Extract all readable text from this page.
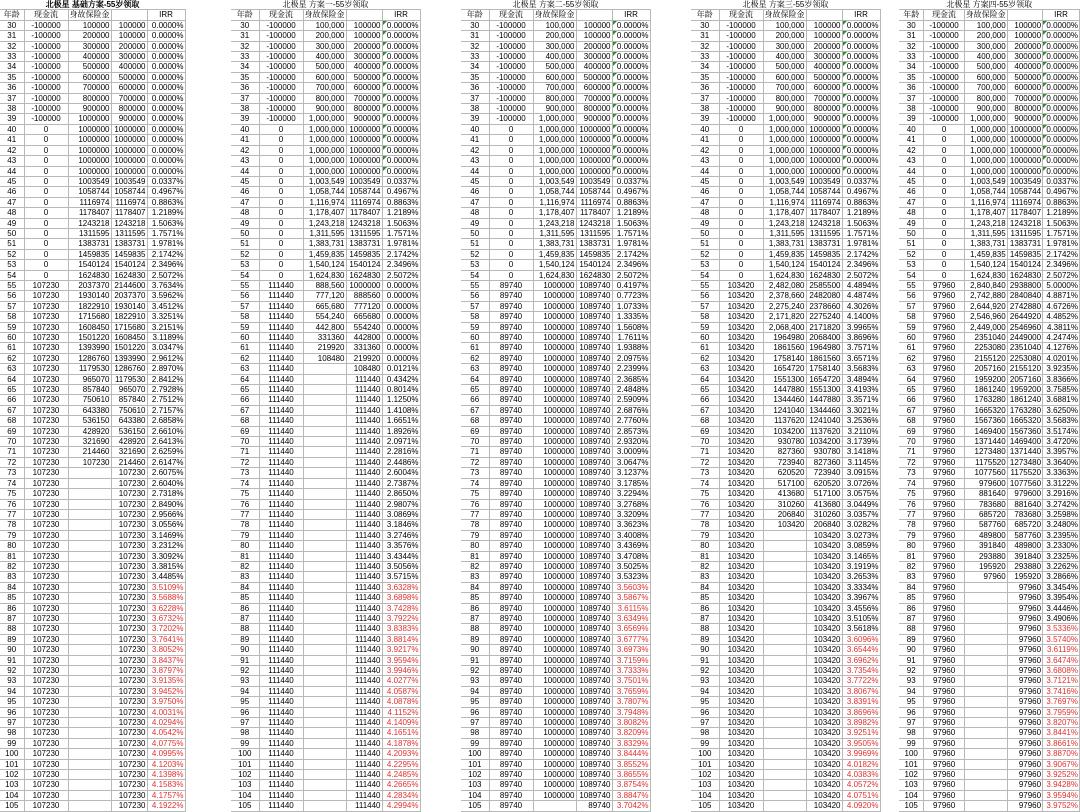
北极星 基础方案-55岁领取				
年龄	现金流	身故保险金		IRR
30	-100000	100000	100000	0.0000%
31	-100000	200000	100000	0.0000%
32	-100000	300000	200000	0.0000%
33	-100000	400000	300000	0.0000%
34	-100000	500000	400000	0.0000%
35	-100000	600000	500000	0.0000%
36	-100000	700000	600000	0.0000%
37	-100000	800000	700000	0.0000%
38	-100000	900000	800000	0.0000%
39	-100000	1000000	900000	0.0000%
40	0	1000000	1000000	0.0000%
41	0	1000000	1000000	0.0000%
42	0	1000000	1000000	0.0000%
43	0	1000000	1000000	0.0000%
44	0	1000000	1000000	0.0000%
45	0	1003549	1003549	0.0337%
46	0	1058744	1058744	0.4967%
47	0	1116974	1116974	0.8863%
48	0	1178407	1178407	1.2189%
49	0	1243218	1243218	1.5063%
50	0	1311595	1311595	1.7571%
51	0	1383731	1383731	1.9781%
52	0	1459835	1459835	2.1742%
53	0	1540124	1540124	2.3496%
54	0	1624830	1624830	2.5072%
55	107230	2037370	2144600	3.7634%
56	107230	1930140	2037370	3.5962%
57	107230	1822910	1930140	3.4512%
58	107230	1715680	1822910	3.3251%
59	107230	1608450	1715680	3.2151%
60	107230	1501220	1608450	3.1189%
61	107230	1393990	1501220	3.0347%
62	107230	1286760	1393990	2.9612%
63	107230	1179530	1286760	2.8970%
64	107230	965070	1179530	2.8412%
65	107230	857840	965070	2.7928%
66	107230	750610	857840	2.7512%
67	107230	643380	750610	2.7157%
68	107230	536150	643380	2.6858%
69	107230	428920	536150	2.6610%
70	107230	321690	428920	2.6413%
71	107230	214460	321690	2.6259%
72	107230	107230	214460	2.6147%
73	107230		107230	2.6075%
74	107230		107230	2.6040%
75	107230		107230	2.7318%
76	107230		107230	2.8490%
77	107230		107230	2.9566%
78	107230		107230	3.0556%
79	107230		107230	3.1469%
80	107230		107230	3.2312%
81	107230		107230	3.3092%
82	107230		107230	3.3815%
83	107230		107230	3.4485%
84	107230		107230	3.5109%
85	107230		107230	3.5688%
86	107230		107230	3.6228%
87	107230		107230	3.6732%
88	107230		107230	3.7202%
89	107230		107230	3.7641%
90	107230		107230	3.8052%
91	107230		107230	3.8437%
92	107230		107230	3.8797%
93	107230		107230	3.9135%
94	107230		107230	3.9452%
95	107230		107230	3.9750%
96	107230		107230	4.0031%
97	107230		107230	4.0294%
98	107230		107230	4.0542%
99	107230		107230	4.0775%
100	107230		107230	4.0995%
101	107230		107230	4.1203%
102	107230		107230	4.1398%
103	107230		107230	4.1583%
104	107230		107230	4.1757%
105	107230		107230	4.1922%
北极星 方案一-55岁领取				
年龄	现金流	身故保险金		IRR
30	-100000	100,000	100000	0.0000%
31	-100000	200,000	100000	0.0000%
32	-100000	300,000	200000	0.0000%
33	-100000	400,000	300000	0.0000%
34	-100000	500,000	400000	0.0000%
35	-100000	600,000	500000	0.0000%
36	-100000	700,000	600000	0.0000%
37	-100000	800,000	700000	0.0000%
38	-100000	900,000	800000	0.0000%
39	-100000	1,000,000	900000	0.0000%
40	0	1,000,000	1000000	0.0000%
41	0	1,000,000	1000000	0.0000%
42	0	1,000,000	1000000	0.0000%
43	0	1,000,000	1000000	0.0000%
44	0	1,000,000	1000000	0.0000%
45	0	1,003,549	1003549	0.0337%
46	0	1,058,744	1058744	0.4967%
47	0	1,116,974	1116974	0.8863%
48	0	1,178,407	1178407	1.2189%
49	0	1,243,218	1243218	1.5063%
50	0	1,311,595	1311595	1.7571%
51	0	1,383,731	1383731	1.9781%
52	0	1,459,835	1459835	2.1742%
53	0	1,540,124	1540124	2.3496%
54	0	1,624,830	1624830	2.5072%
55	111440	888,560	1000000	0.0000%
56	111440	777,120	888560	0.0000%
57	111440	665,680	777120	0.0000%
58	111440	554,240	665680	0.0000%
59	111440	442,800	554240	0.0000%
60	111440	331360	442800	0.0000%
61	111440	219920	331360	0.0000%
62	111440	108480	219920	0.0000%
63	111440		108480	0.0121%
64	111440		111440	0.4342%
65	111440		111440	0.8014%
66	111440		111440	1.1250%
67	111440		111440	1.4108%
68	111440		111440	1.6651%
69	111440		111440	1.8926%
70	111440		111440	2.0971%
71	111440		111440	2.2816%
72	111440		111440	2.4486%
73	111440		111440	2.6004%
74	111440		111440	2.7387%
75	111440		111440	2.8650%
76	111440		111440	2.9807%
77	111440		111440	3.0869%
78	111440		111440	3.1846%
79	111440		111440	3.2746%
80	111440		111440	3.3576%
81	111440		111440	3.4344%
82	111440		111440	3.5056%
83	111440		111440	3.5715%
84	111440		111440	3.6328%
85	111440		111440	3.6898%
86	111440		111440	3.7428%
87	111440		111440	3.7922%
88	111440		111440	3.8383%
89	111440		111440	3.8814%
90	111440		111440	3.9217%
91	111440		111440	3.9594%
92	111440		111440	3.9946%
93	111440		111440	4.0277%
94	111440		111440	4.0587%
95	111440		111440	4.0878%
96	111440		111440	4.1152%
97	111440		111440	4.1409%
98	111440		111440	4.1651%
99	111440		111440	4.1878%
100	111440		111440	4.2093%
101	111440		111440	4.2295%
102	111440		111440	4.2485%
103	111440		111440	4.2665%
104	111440		111440	4.2834%
105	111440		111440	4.2994%
北极星 方案二-55岁领取				
年龄	现金流	身故保险金		IRR
30	-100000	100,000	100000	0.0000%
31	-100000	200,000	100000	0.0000%
32	-100000	300,000	200000	0.0000%
33	-100000	400,000	300000	0.0000%
34	-100000	500,000	400000	0.0000%
35	-100000	600,000	500000	0.0000%
36	-100000	700,000	600000	0.0000%
37	-100000	800,000	700000	0.0000%
38	-100000	900,000	800000	0.0000%
39	-100000	1,000,000	900000	0.0000%
40	0	1,000,000	1000000	0.0000%
41	0	1,000,000	1000000	0.0000%
42	0	1,000,000	1000000	0.0000%
43	0	1,000,000	1000000	0.0000%
44	0	1,000,000	1000000	0.0000%
45	0	1,003,549	1003549	0.0337%
46	0	1,058,744	1058744	0.4967%
47	0	1,116,974	1116974	0.8863%
48	0	1,178,407	1178407	1.2189%
49	0	1,243,218	1243218	1.5063%
50	0	1,311,595	1311595	1.7571%
51	0	1,383,731	1383731	1.9781%
52	0	1,459,835	1459835	2.1742%
53	0	1,540,124	1540124	2.3496%
54	0	1,624,830	1624830	2.5072%
55	89740	1000000	1089740	0.4197%
56	89740	1000000	1089740	0.7723%
57	89740	1000000	1089740	1.0733%
58	89740	1000000	1089740	1.3335%
59	89740	1000000	1089740	1.5608%
60	89740	1000000	1089740	1.7611%
61	89740	1000000	1089740	1.9388%
62	89740	1000000	1089740	2.0975%
63	89740	1000000	1089740	2.2399%
64	89740	1000000	1089740	2.3685%
65	89740	1000000	1089740	2.4848%
66	89740	1000000	1089740	2.5909%
67	89740	1000000	1089740	2.6876%
68	89740	1000000	1089740	2.7760%
69	89740	1000000	1089740	2.8573%
70	89740	1000000	1089740	2.9320%
71	89740	1000000	1089740	3.0009%
72	89740	1000000	1089740	3.0647%
73	89740	1000000	1089740	3.1237%
74	89740	1000000	1089740	3.1785%
75	89740	1000000	1089740	3.2294%
76	89740	1000000	1089740	3.2768%
77	89740	1000000	1089740	3.3209%
78	89740	1000000	1089740	3.3623%
79	89740	1000000	1089740	3.4008%
80	89740	1000000	1089740	3.4369%
81	89740	1000000	1089740	3.4708%
82	89740	1000000	1089740	3.5025%
83	89740	1000000	1089740	3.5323%
84	89740	1000000	1089740	3.5603%
85	89740	1000000	1089740	3.5867%
86	89740	1000000	1089740	3.6115%
87	89740	1000000	1089740	3.6349%
88	89740	1000000	1089740	3.6569%
89	89740	1000000	1089740	3.6777%
90	89740	1000000	1089740	3.6973%
91	89740	1000000	1089740	3.7159%
92	89740	1000000	1089740	3.7333%
93	89740	1000000	1089740	3.7501%
94	89740	1000000	1089740	3.7659%
95	89740	1000000	1089740	3.7807%
96	89740	1000000	1089740	3.7948%
97	89740	1000000	1089740	3.8082%
98	89740	1000000	1089740	3.8209%
99	89740	1000000	1089740	3.8329%
100	89740	1000000	1089740	3.8444%
101	89740	1000000	1089740	3.8552%
102	89740	1000000	1089740	3.8655%
103	89740	1000000	1089740	3.8754%
104	89740	1000000	1089740	3.8847%
105	89740		89740	3.7042%
北极星 方案三-55岁领取				
年龄	现金流	身故保险金		IRR
30	-100000	100,000	100000	0.0000%
31	-100000	200,000	100000	0.0000%
32	-100000	300,000	200000	0.0000%
33	-100000	400,000	300000	0.0000%
34	-100000	500,000	400000	0.0000%
35	-100000	600,000	500000	0.0000%
36	-100000	700,000	600000	0.0000%
37	-100000	800,000	700000	0.0000%
38	-100000	900,000	800000	0.0000%
39	-100000	1,000,000	900000	0.0000%
40	0	1,000,000	1000000	0.0000%
41	0	1,000,000	1000000	0.0000%
42	0	1,000,000	1000000	0.0000%
43	0	1,000,000	1000000	0.0000%
44	0	1,000,000	1000000	0.0000%
45	0	1,003,549	1003549	0.0337%
46	0	1,058,744	1058744	0.4967%
47	0	1,116,974	1116974	0.8863%
48	0	1,178,407	1178407	1.2189%
49	0	1,243,218	1243218	1.5063%
50	0	1,311,595	1311595	1.7571%
51	0	1,383,731	1383731	1.9781%
52	0	1,459,835	1459835	2.1742%
53	0	1,540,124	1540124	2.3496%
54	0	1,624,830	1624830	2.5072%
55	103420	2,482,080	2585500	4.4894%
56	103420	2,378,660	2482080	4.4874%
57	103420	2,275,240	2378660	4.3026%
58	103420	2,171,820	2275240	4.1400%
59	103420	2,068,400	2171820	3.9965%
60	103420	1964980	2068400	3.8696%
61	103420	1861560	1964980	3.7571%
62	103420	1758140	1861560	3.6571%
63	103420	1654720	1758140	3.5683%
64	103420	1551300	1654720	3.4894%
65	103420	1447880	1551300	3.4193%
66	103420	1344460	1447880	3.3571%
67	103420	1241040	1344460	3.3021%
68	103420	1137620	1241040	3.2536%
69	103420	1034200	1137620	3.2110%
70	103420	930780	1034200	3.1739%
71	103420	827360	930780	3.1418%
72	103420	723940	827360	3.1145%
73	103420	620520	723940	3.0915%
74	103420	517100	620520	3.0726%
75	103420	413680	517100	3.0575%
76	103420	310260	413680	3.0449%
77	103420	206840	310260	3.0357%
78	103420	103420	206840	3.0282%
79	103420		103420	3.0273%
80	103420		103420	3.0859%
81	103420		103420	3.1465%
82	103420		103420	3.1919%
83	103420		103420	3.2653%
84	103420		103420	3.3334%
85	103420		103420	3.3967%
86	103420		103420	3.4556%
87	103420		103420	3.5105%
88	103420		103420	3.5618%
89	103420		103420	3.6096%
90	103420		103420	3.6544%
91	103420		103420	3.6962%
92	103420		103420	3.7354%
93	103420		103420	3.7722%
94	103420		103420	3.8067%
95	103420		103420	3.8391%
96	103420		103420	3.8696%
97	103420		103420	3.8982%
98	103420		103420	3.9251%
99	103420		103420	3.9505%
100	103420		103420	3.9969%
101	103420		103420	4.0182%
102	103420		103420	4.0383%
103	103420		103420	4.0572%
104	103420		103420	4.0751%
105	103420		103420	4.0920%
北极星 方案四-55岁领取				
年龄	现金流	身故保险金		IRR
30	-100000	100,000	100000	0.0000%
31	-100000	200,000	100000	0.0000%
32	-100000	300,000	200000	0.0000%
33	-100000	400,000	300000	0.0000%
34	-100000	500,000	400000	0.0000%
35	-100000	600,000	500000	0.0000%
36	-100000	700,000	600000	0.0000%
37	-100000	800,000	700000	0.0000%
38	-100000	900,000	800000	0.0000%
39	-100000	1,000,000	900000	0.0000%
40	0	1,000,000	1000000	0.0000%
41	0	1,000,000	1000000	0.0000%
42	0	1,000,000	1000000	0.0000%
43	0	1,000,000	1000000	0.0000%
44	0	1,000,000	1000000	0.0000%
45	0	1,003,549	1003549	0.0337%
46	0	1,058,744	1058744	0.4967%
47	0	1,116,974	1116974	0.8863%
48	0	1,178,407	1178407	1.2189%
49	0	1,243,218	1243218	1.5063%
50	0	1,311,595	1311595	1.7571%
51	0	1,383,731	1383731	1.9781%
52	0	1,459,835	1459835	2.1742%
53	0	1,540,124	1540124	2.3496%
54	0	1,624,830	1624830	2.5072%
55	97960	2,840,840	2938800	5.0000%
56	97960	2,742,880	2840840	4.8871%
57	97960	2,644,920	2742880	4.6726%
58	97960	2,546,960	2644920	4.4852%
59	97960	2,449,000	2546960	4.3811%
60	97960	2351040	2449000	4.2474%
61	97960	2253080	2351040	4.1276%
62	97960	2155120	2253080	4.0201%
63	97960	2057160	2155120	3.9235%
64	97960	1959200	2057160	3.8366%
65	97960	1861240	1959200	3.7585%
66	97960	1763280	1861240	3.6881%
67	97960	1665320	1763280	3.6250%
68	97960	1567360	1665320	3.5683%
69	97960	1469400	1567360	3.5174%
70	97960	1371440	1469400	3.4720%
71	97960	1273480	1371440	3.3957%
72	97960	1175520	1273480	3.3640%
73	97960	1077560	1175520	3.3363%
74	97960	979600	1077560	3.3122%
75	97960	881640	979600	3.2916%
76	97960	783680	881640	3.2742%
77	97960	685720	783680	3.2598%
78	97960	587760	685720	3.2480%
79	97960	489800	587760	3.2395%
80	97960	391840	489800	3.2330%
81	97960	293880	391840	3.2325%
82	97960	195920	293880	3.2262%
83	97960	97960	195920	3.2866%
84	97960		97960	3.3454%
85	97960		97960	3.3954%
86	97960		97960	3.4446%
87	97960		97960	3.4906%
88	97960		97960	3.5336%
89	97960		97960	3.5740%
90	97960		97960	3.6119%
91	97960		97960	3.6474%
92	97960		97960	3.6808%
93	97960		97960	3.7121%
94	97960		97960	3.7416%
95	97960		97960	3.7697%
96	97960		97960	3.7959%
97	97960		97960	3.8207%
98	97960		97960	3.8441%
99	97960		97960	3.8661%
100	97960		97960	3.8870%
101	97960		97960	3.9067%
102	97960		97960	3.9252%
103	97960		97960	3.9428%
104	97960		97960	3.9594%
105	97960		97960	3.9752%
